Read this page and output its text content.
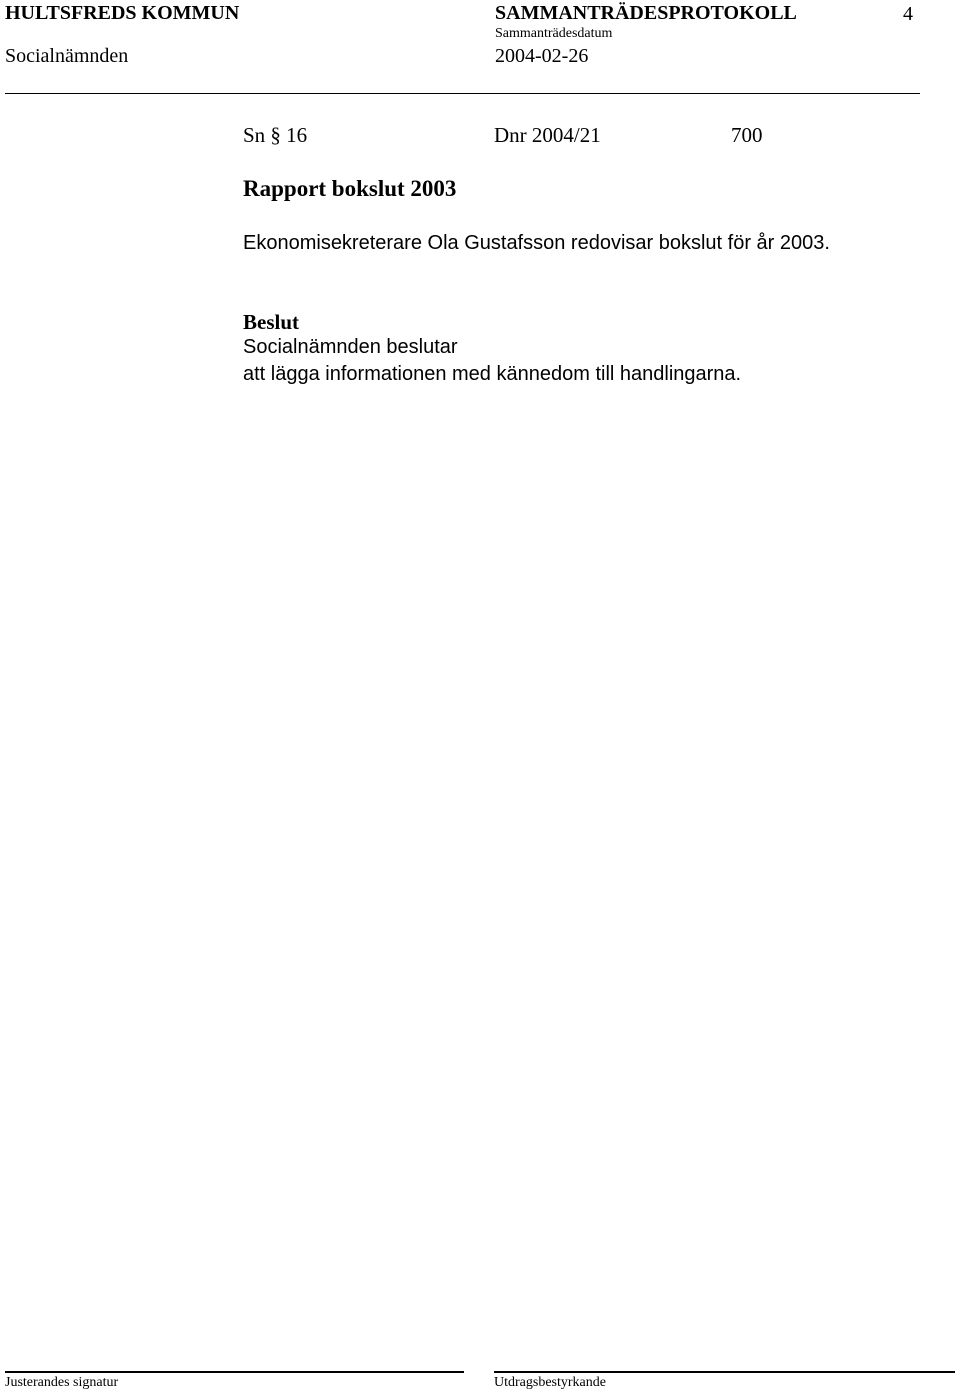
HULTSFREDS KOMMUN	SAMMANTRÄDESPROTOKOLL	4
Sammanträdesdatum
Socialnämnden	2004-02-26
Sn § 16	Dnr 2004/21	700
Rapport bokslut 2003
Ekonomisekreterare Ola Gustafsson redovisar bokslut för år 2003.
Beslut
Socialnämnden beslutar
att lägga informationen med kännedom till handlingarna.
Justerandes signatur	Utdragsbestyrkande
